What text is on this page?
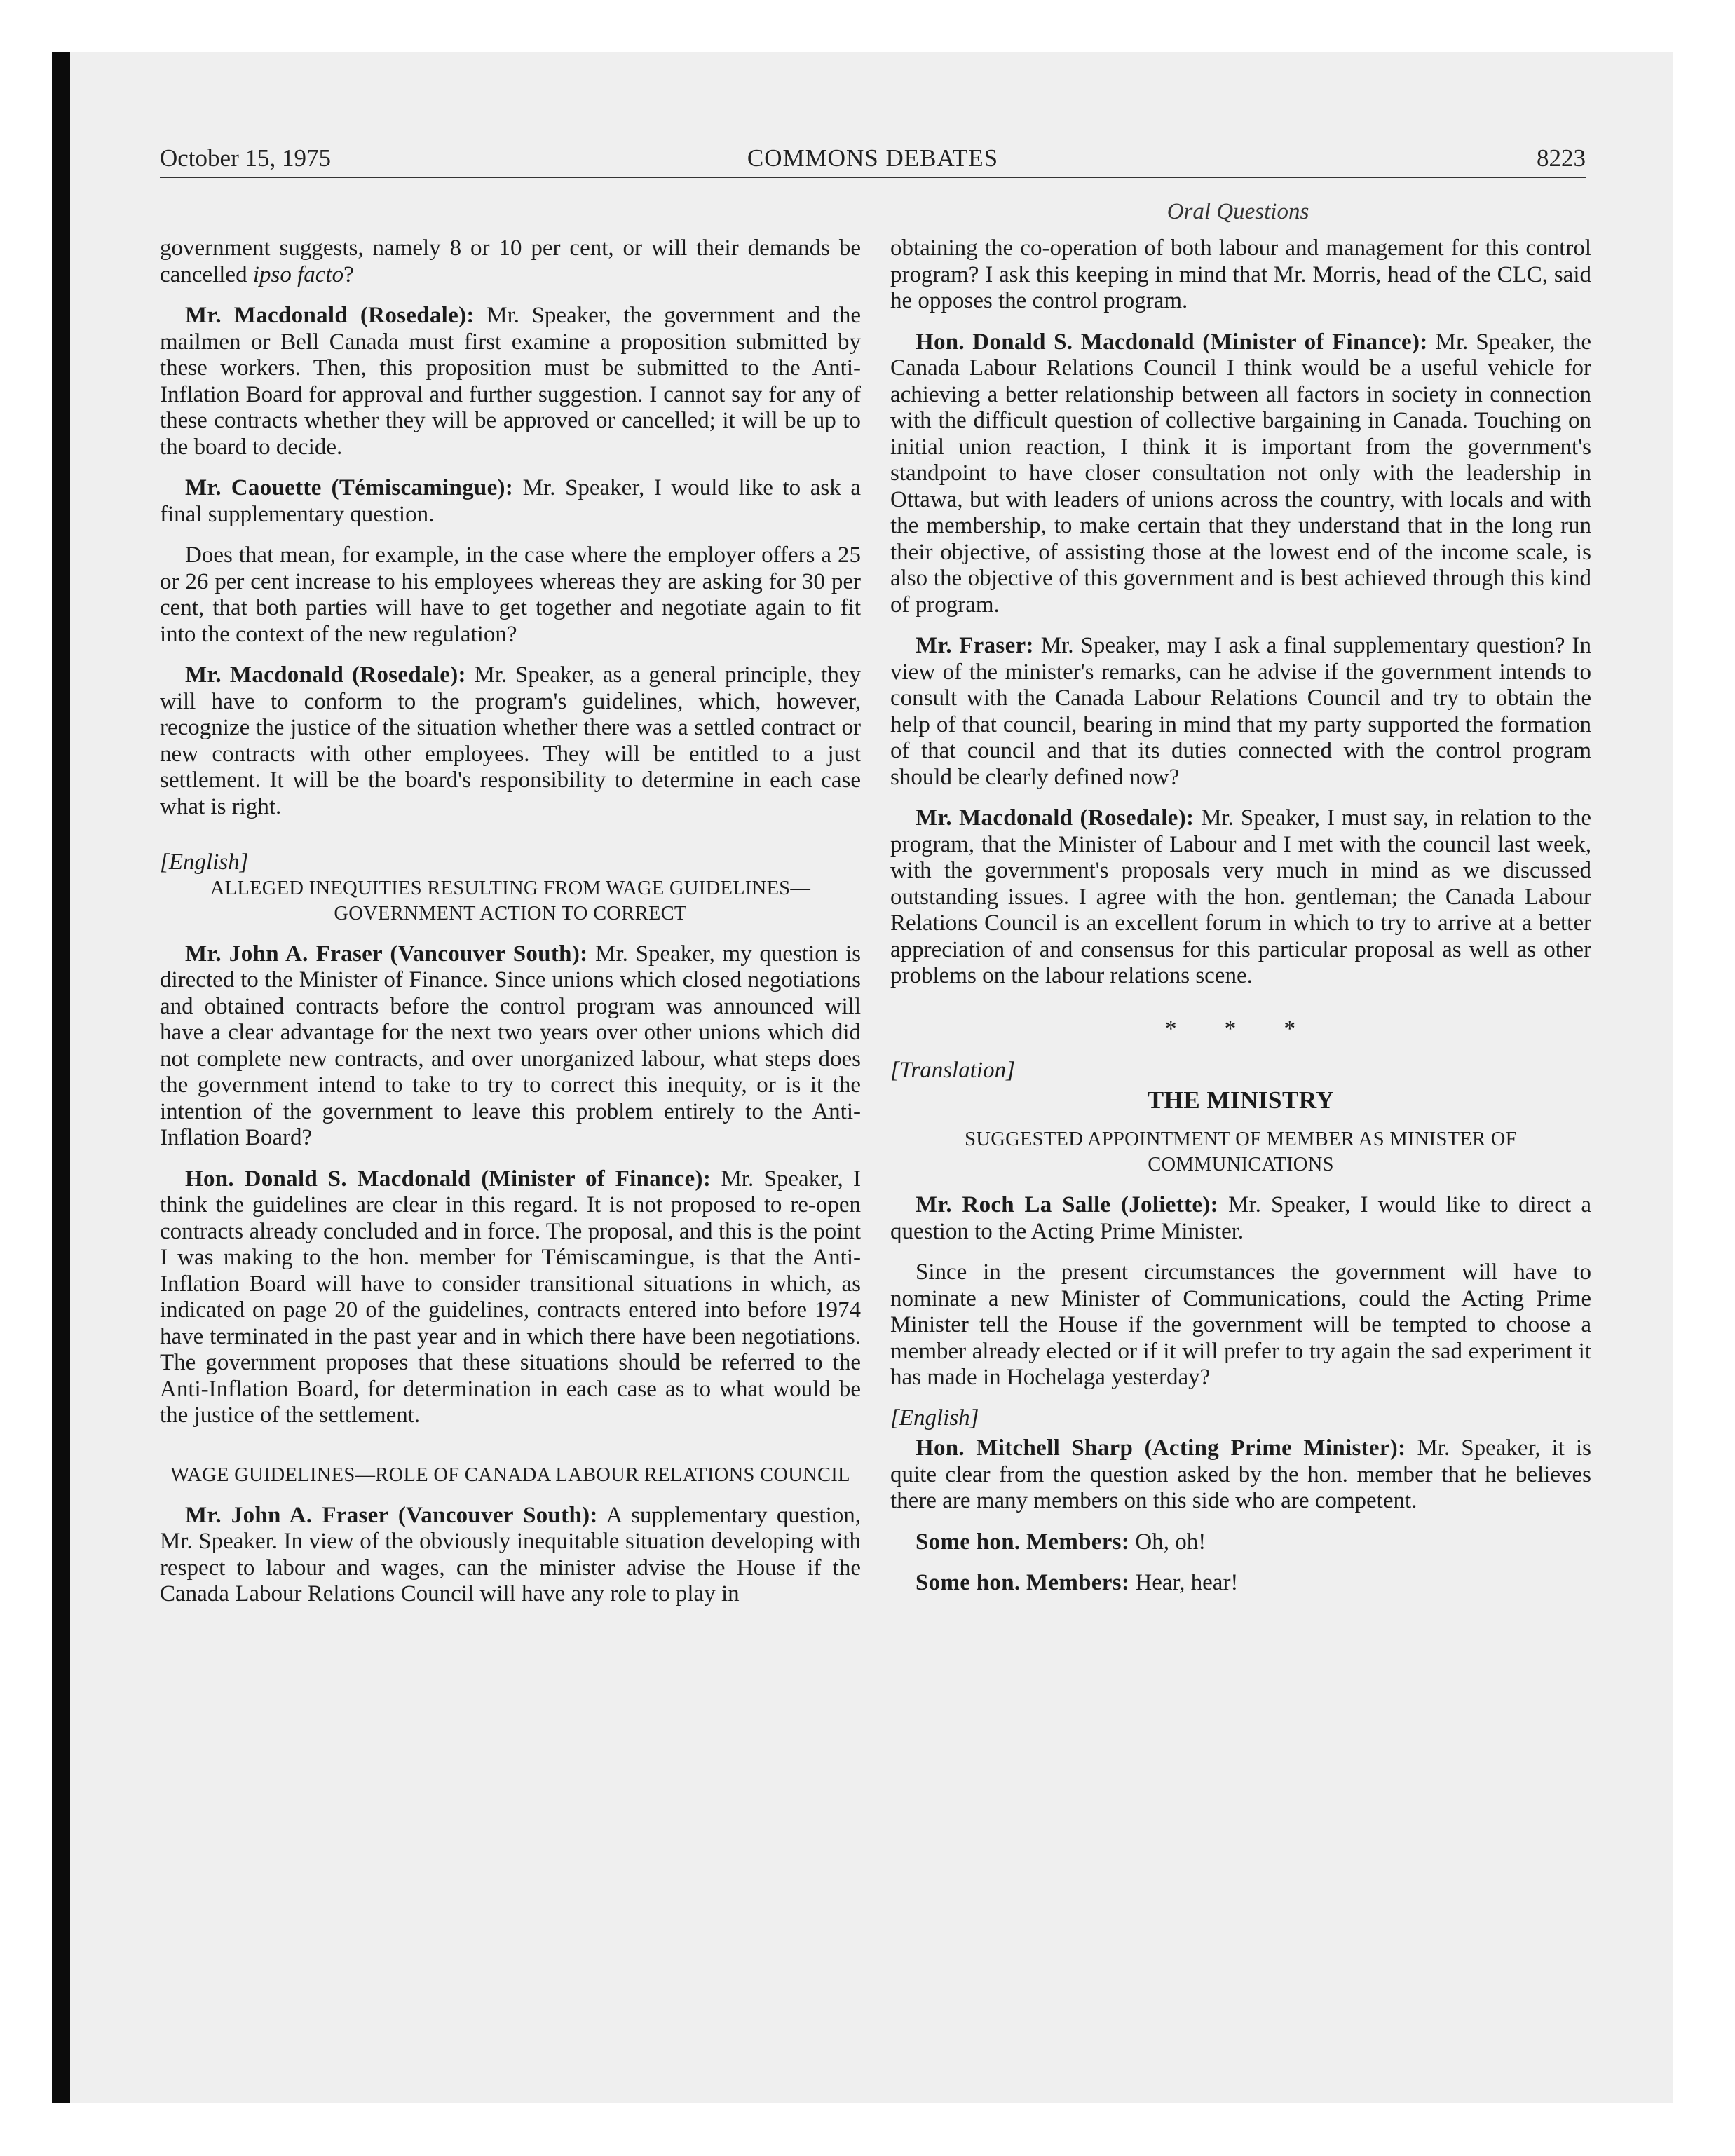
October 15, 1975	COMMONS DEBATES	8223
Oral Questions

government suggests, namely 8 or 10 per cent, or will their demands be cancelled ipso facto?

Mr. Macdonald (Rosedale): Mr. Speaker, the government and the mailmen or Bell Canada must first examine a proposition submitted by these workers. Then, this proposition must be submitted to the Anti-Inflation Board for approval and further suggestion. I cannot say for any of these contracts whether they will be approved or cancelled; it will be up to the board to decide.

Mr. Caouette (Témiscamingue): Mr. Speaker, I would like to ask a final supplementary question.

Does that mean, for example, in the case where the employer offers a 25 or 26 per cent increase to his employees whereas they are asking for 30 per cent, that both parties will have to get together and negotiate again to fit into the context of the new regulation?

Mr. Macdonald (Rosedale): Mr. Speaker, as a general principle, they will have to conform to the program's guidelines, which, however, recognize the justice of the situation whether there was a settled contract or new contracts with other employees. They will be entitled to a just settlement. It will be the board's responsibility to determine in each case what is right.

[English]

ALLEGED INEQUITIES RESULTING FROM WAGE GUIDELINES—GOVERNMENT ACTION TO CORRECT

Mr. John A. Fraser (Vancouver South): Mr. Speaker, my question is directed to the Minister of Finance. Since unions which closed negotiations and obtained contracts before the control program was announced will have a clear advantage for the next two years over other unions which did not complete new contracts, and over unorganized labour, what steps does the government intend to take to try to correct this inequity, or is it the intention of the government to leave this problem entirely to the Anti-Inflation Board?

Hon. Donald S. Macdonald (Minister of Finance): Mr. Speaker, I think the guidelines are clear in this regard. It is not proposed to re-open contracts already concluded and in force. The proposal, and this is the point I was making to the hon. member for Témiscamingue, is that the Anti-Inflation Board will have to consider transitional situations in which, as indicated on page 20 of the guidelines, contracts entered into before 1974 have terminated in the past year and in which there have been negotiations. The government proposes that these situations should be referred to the Anti-Inflation Board, for determination in each case as to what would be the justice of the settlement.

WAGE GUIDELINES—ROLE OF CANADA LABOUR RELATIONS COUNCIL

Mr. John A. Fraser (Vancouver South): A supplementary question, Mr. Speaker. In view of the obviously inequitable situation developing with respect to labour and wages, can the minister advise the House if the Canada Labour Relations Council will have any role to play in

obtaining the co-operation of both labour and management for this control program? I ask this keeping in mind that Mr. Morris, head of the CLC, said he opposes the control program.

Hon. Donald S. Macdonald (Minister of Finance): Mr. Speaker, the Canada Labour Relations Council I think would be a useful vehicle for achieving a better relationship between all factors in society in connection with the difficult question of collective bargaining in Canada. Touching on initial union reaction, I think it is important from the government's standpoint to have closer consultation not only with the leadership in Ottawa, but with leaders of unions across the country, with locals and with the membership, to make certain that they understand that in the long run their objective, of assisting those at the lowest end of the income scale, is also the objective of this government and is best achieved through this kind of program.

Mr. Fraser: Mr. Speaker, may I ask a final supplementary question? In view of the minister's remarks, can he advise if the government intends to consult with the Canada Labour Relations Council and try to obtain the help of that council, bearing in mind that my party supported the formation of that council and that its duties connected with the control program should be clearly defined now?

Mr. Macdonald (Rosedale): Mr. Speaker, I must say, in relation to the program, that the Minister of Labour and I met with the council last week, with the government's proposals very much in mind as we discussed outstanding issues. I agree with the hon. gentleman; the Canada Labour Relations Council is an excellent forum in which to try to arrive at a better appreciation of and consensus for this particular proposal as well as other problems on the labour relations scene.

* * *

[Translation]

THE MINISTRY

SUGGESTED APPOINTMENT OF MEMBER AS MINISTER OF COMMUNICATIONS

Mr. Roch La Salle (Joliette): Mr. Speaker, I would like to direct a question to the Acting Prime Minister.

Since in the present circumstances the government will have to nominate a new Minister of Communications, could the Acting Prime Minister tell the House if the government will be tempted to choose a member already elected or if it will prefer to try again the sad experiment it has made in Hochelaga yesterday?

[English]

Hon. Mitchell Sharp (Acting Prime Minister): Mr. Speaker, it is quite clear from the question asked by the hon. member that he believes there are many members on this side who are competent.

Some hon. Members: Oh, oh!

Some hon. Members: Hear, hear!
